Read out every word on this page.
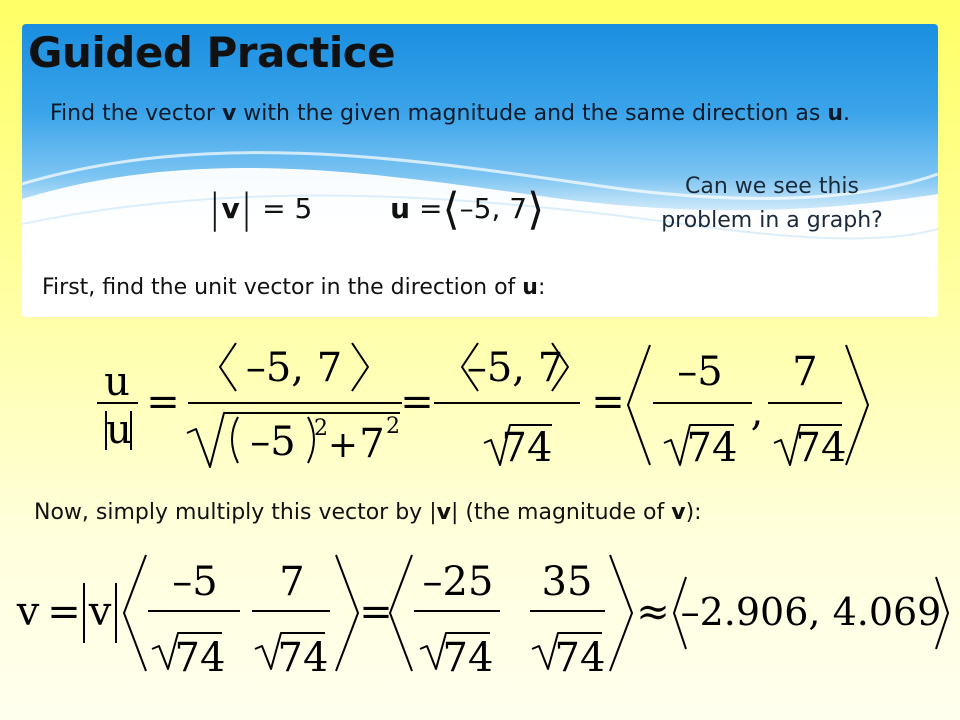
Guided Practice
Find the vector v with the given magnitude and the same direction as u.
|v| = 5	u =⟨–5, 7⟩	Can we see this
problem in a graph?
First, find the unit vector in the direction of u:
u
u
=
–5, 7
–5 2 + 7 2
=
–5, 7
74
=
–5
74
,
7
74
Now, simply multiply this vector by |v| (the magnitude of v):
v = v
–5
74
7
74
=
–25
74
35
74
≈ –2.906, 4.069
